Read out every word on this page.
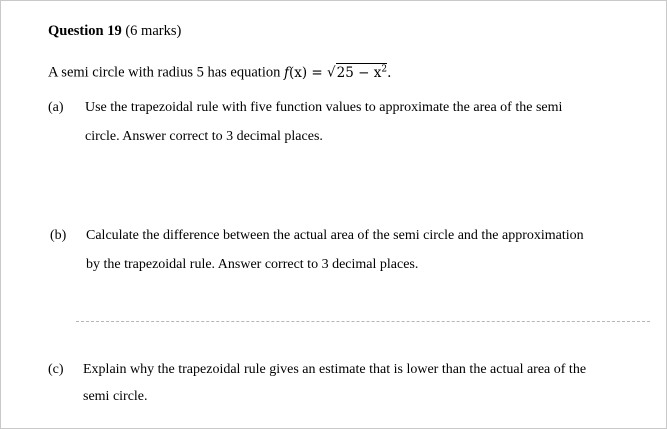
Question 19 (6 marks)
A semi circle with radius 5 has equation $f(x) = √25 - x^2$.
(a) Use the trapezoidal rule with five function values to approximate the area of the semi
circle. Answer correct to 3 decimal places.
(b) Calculate the difference between the actual area of the semi circle and the approximation
by the trapezoidal rule. Answer correct to 3 decimal places.
(c) Explain why the trapezoidal rule gives an estimate that is lower than the actual area of the
semi circle.
